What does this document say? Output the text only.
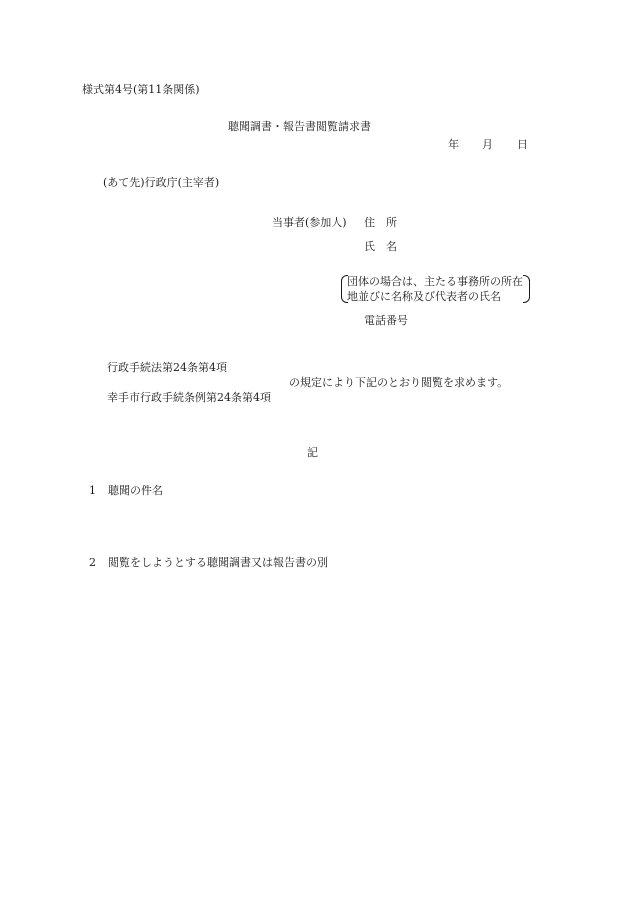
様式第4号(第11条関係)
聴聞調書・報告書閲覧請求書
年 月 日
(あて先)行政庁(主宰者)
当事者(参加人) 住　所
氏　名
団体の場合は、主たる事務所の所在
地並びに名称及び代表者の氏名
電話番号
行政手続法第24条第4項
の規定により下記のとおり閲覧を求めます。
幸手市行政手続条例第24条第4項
記
1 聴聞の件名
2 閲覧をしようとする聴聞調書又は報告書の別
